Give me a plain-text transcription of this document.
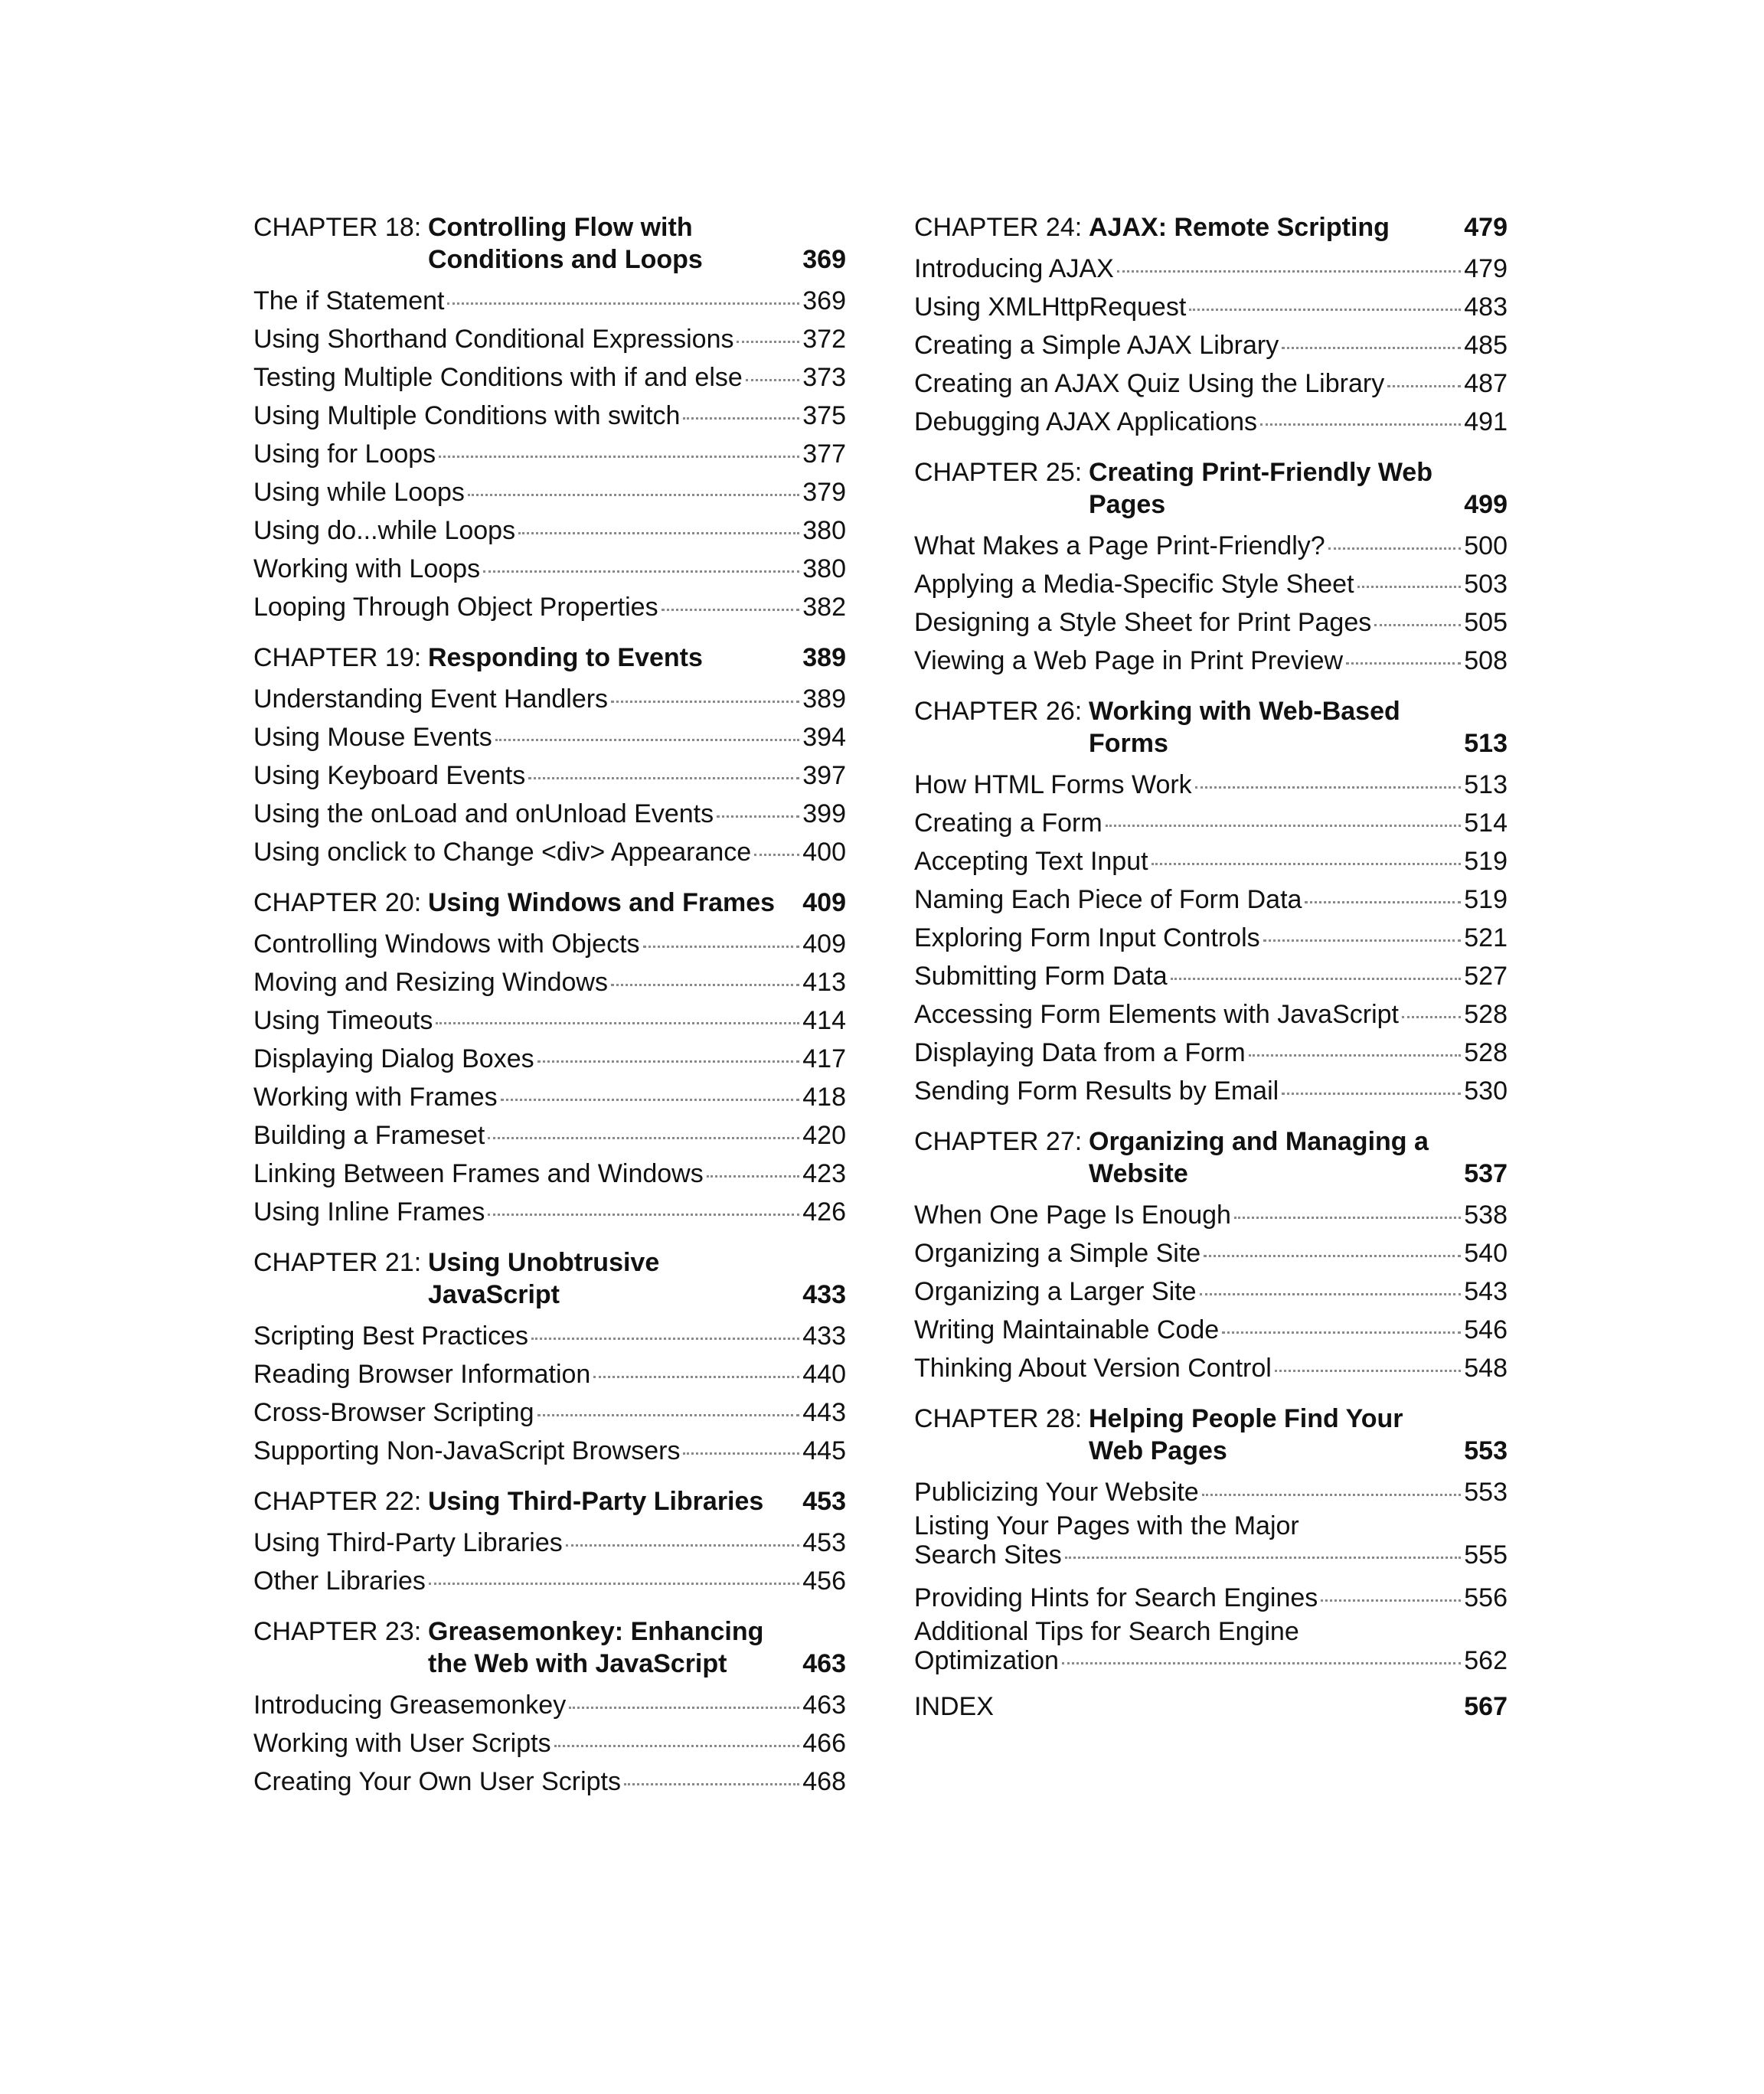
CHAPTER 18: Controlling Flow with Conditions and Loops	369
The if Statement	369
Using Shorthand Conditional Expressions	372
Testing Multiple Conditions with if and else 373
Using Multiple Conditions with switch	375
Using for Loops	377
Using while Loops	379
Using do...while Loops	380
Working with Loops	380
Looping Through Object Properties	382
CHAPTER 19: Responding to Events	389
Understanding Event Handlers	389
Using Mouse Events	394
Using Keyboard Events	397
Using the onLoad and onUnload Events	399
Using onclick to Change <div> Appearance 400
CHAPTER 20: Using Windows and Frames 409
Controlling Windows with Objects	409
Moving and Resizing Windows	413
Using Timeouts	414
Displaying Dialog Boxes	417
Working with Frames	418
Building a Frameset	420
Linking Between Frames and Windows	423
Using Inline Frames	426
CHAPTER 21: Using Unobtrusive JavaScript	433
Scripting Best Practices	433
Reading Browser Information	440
Cross-Browser Scripting	443
Supporting Non-JavaScript Browsers	445
CHAPTER 22: Using Third-Party Libraries 453
Using Third-Party Libraries	453
Other Libraries	456
CHAPTER 23: Greasemonkey: Enhancing the Web with JavaScript	463
Introducing Greasemonkey	463
Working with User Scripts	466
Creating Your Own User Scripts	468
CHAPTER 24: AJAX: Remote Scripting	479
Introducing AJAX	479
Using XMLHttpRequest	483
Creating a Simple AJAX Library	485
Creating an AJAX Quiz Using the Library	487
Debugging AJAX Applications	491
CHAPTER 25: Creating Print-Friendly Web Pages	499
What Makes a Page Print-Friendly?	500
Applying a Media-Specific Style Sheet	503
Designing a Style Sheet for Print Pages	505
Viewing a Web Page in Print Preview	508
CHAPTER 26: Working with Web-Based Forms	513
How HTML Forms Work	513
Creating a Form	514
Accepting Text Input	519
Naming Each Piece of Form Data	519
Exploring Form Input Controls	521
Submitting Form Data	527
Accessing Form Elements with JavaScript	528
Displaying Data from a Form	528
Sending Form Results by Email	530
CHAPTER 27: Organizing and Managing a Website	537
When One Page Is Enough	538
Organizing a Simple Site	540
Organizing a Larger Site	543
Writing Maintainable Code	546
Thinking About Version Control	548
CHAPTER 28: Helping People Find Your Web Pages	553
Publicizing Your Website	553
Listing Your Pages with the Major
Search Sites	555
Providing Hints for Search Engines	556
Additional Tips for Search Engine
Optimization	562
INDEX	567
